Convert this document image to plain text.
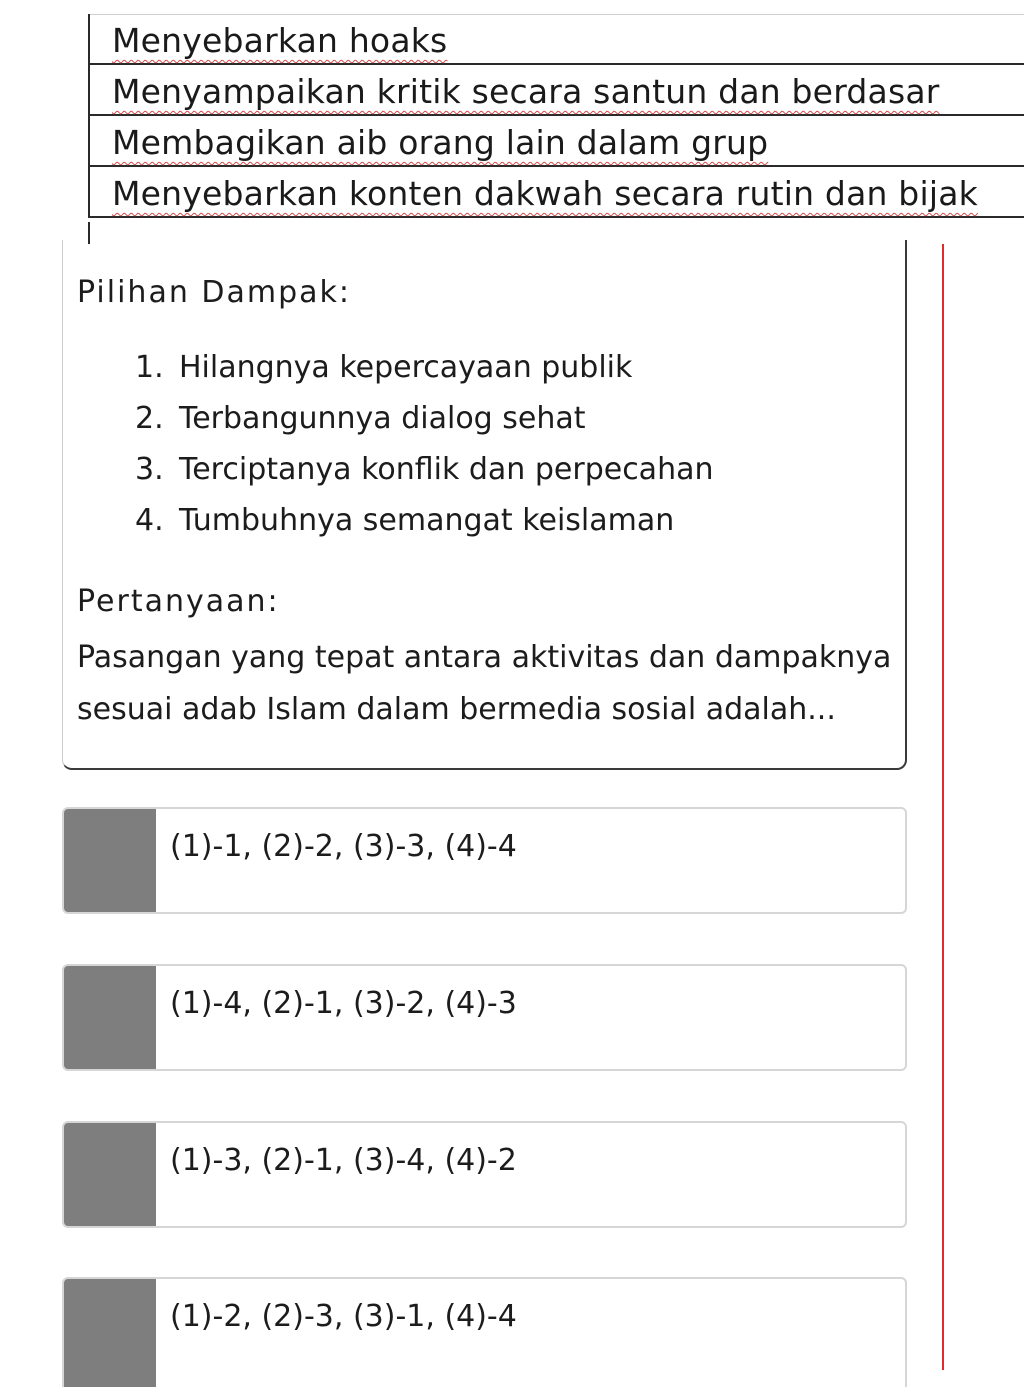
Menyebarkan hoaks
Menyampaikan kritik secara santun dan berdasar
Membagikan aib orang lain dalam grup
Menyebarkan konten dakwah secara rutin dan bijak
Pilihan Dampak:
1. Hilangnya kepercayaan publik
2. Terbangunnya dialog sehat
3. Terciptanya konflik dan perpecahan
4. Tumbuhnya semangat keislaman
Pertanyaan:
Pasangan yang tepat antara aktivitas dan dampaknya
sesuai adab Islam dalam bermedia sosial adalah...
(1)-1, (2)-2, (3)-3, (4)-4
(1)-4, (2)-1, (3)-2, (4)-3
(1)-3, (2)-1, (3)-4, (4)-2
(1)-2, (2)-3, (3)-1, (4)-4
